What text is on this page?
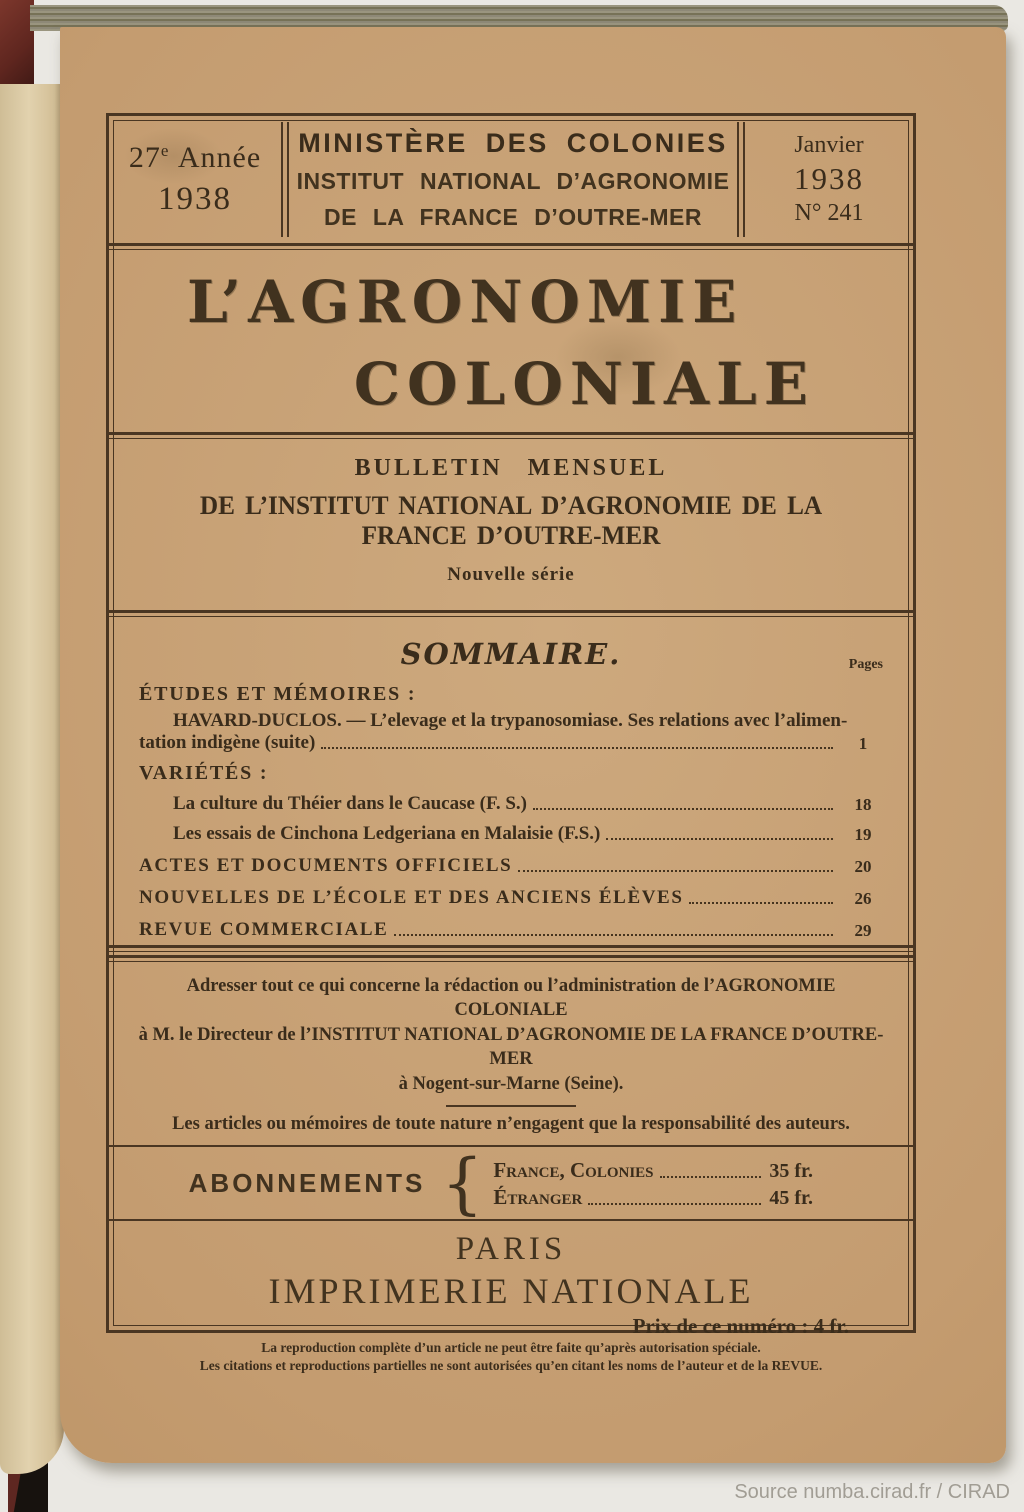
27e Année
1938
MINISTÈRE DES COLONIES
INSTITUT NATIONAL D’AGRONOMIE
DE LA FRANCE D’OUTRE-MER
Janvier
1938
N° 241
L’AGRONOMIE
COLONIALE
BULLETIN MENSUEL
DE L’INSTITUT NATIONAL D’AGRONOMIE DE LA FRANCE D’OUTRE-MER
Nouvelle série
SOMMAIRE.	Pages
ÉTUDES ET MÉMOIRES :
HAVARD-DUCLOS. — L’elevage et la trypanosomiase. Ses relations avec l’alimen-
tation indigène (suite)	1
VARIÉTÉS :
La culture du Théier dans le Caucase (F. S.)	18
Les essais de Cinchona Ledgeriana en Malaisie (F.S.)	19
ACTES ET DOCUMENTS OFFICIELS	20
NOUVELLES DE L’ÉCOLE ET DES ANCIENS ÉLÈVES	26
REVUE COMMERCIALE	29
Adresser tout ce qui concerne la rédaction ou l’administration de l’AGRONOMIE COLONIALE
à M. le Directeur de l’INSTITUT NATIONAL D’AGRONOMIE DE LA FRANCE D’OUTRE-MER
à Nogent-sur-Marne (Seine).
Les articles ou mémoires de toute nature n’engagent que la responsabilité des auteurs.
ABONNEMENTS { France, Colonies	35 fr.
Étranger	45 fr.
PARIS
IMPRIMERIE NATIONALE
Prix de ce numéro : 4 fr.
La reproduction complète d’un article ne peut être faite qu’après autorisation spéciale.
Les citations et reproductions partielles ne sont autorisées qu’en citant les noms de l’auteur et de la REVUE.
Source numba.cirad.fr / CIRAD
